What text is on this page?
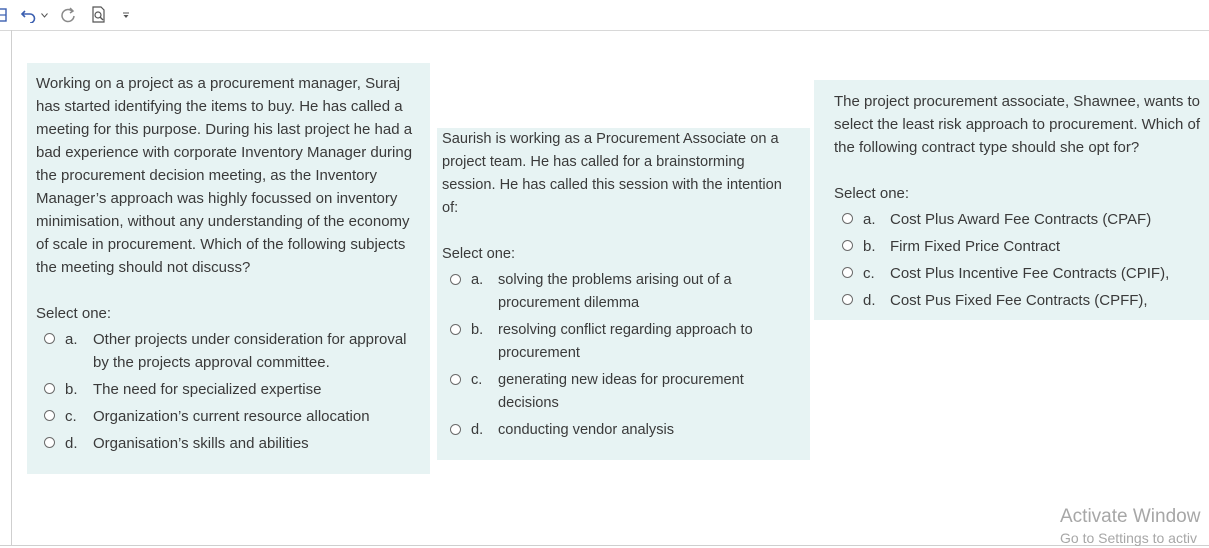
Working on a project as a procurement manager, Suraj has started identifying the items to buy. He has called a meeting for this purpose. During his last project he had a bad experience with corporate Inventory Manager during the procurement decision meeting, as the Inventory Manager’s approach was highly focussed on inventory minimisation, without any understanding of the economy of scale in procurement. Which of the following subjects the meeting should not discuss?

Select one:

a.	Other projects under consideration for approval by the projects approval committee.
b.	The need for specialized expertise
c.	Organization’s current resource allocation
d.	Organisation’s skills and abilities

Saurish is working as a Procurement Associate on a project team. He has called for a brainstorming session. He has called this session with the intention of:

Select one:

a.	solving the problems arising out of a procurement dilemma
b.	resolving conflict regarding approach to procurement
c.	generating new ideas for procurement decisions
d.	conducting vendor analysis

The project procurement associate, Shawnee, wants to select the least risk approach to procurement. Which of the following contract type should she opt for?

Select one:

a. Cost Plus Award Fee Contracts (CPAF)
b. Firm Fixed Price Contract
c.	Cost Plus Incentive Fee Contracts (CPIF),
d. Cost Pus Fixed Fee Contracts (CPFF),
Activate Window
Go to Settings to activ
